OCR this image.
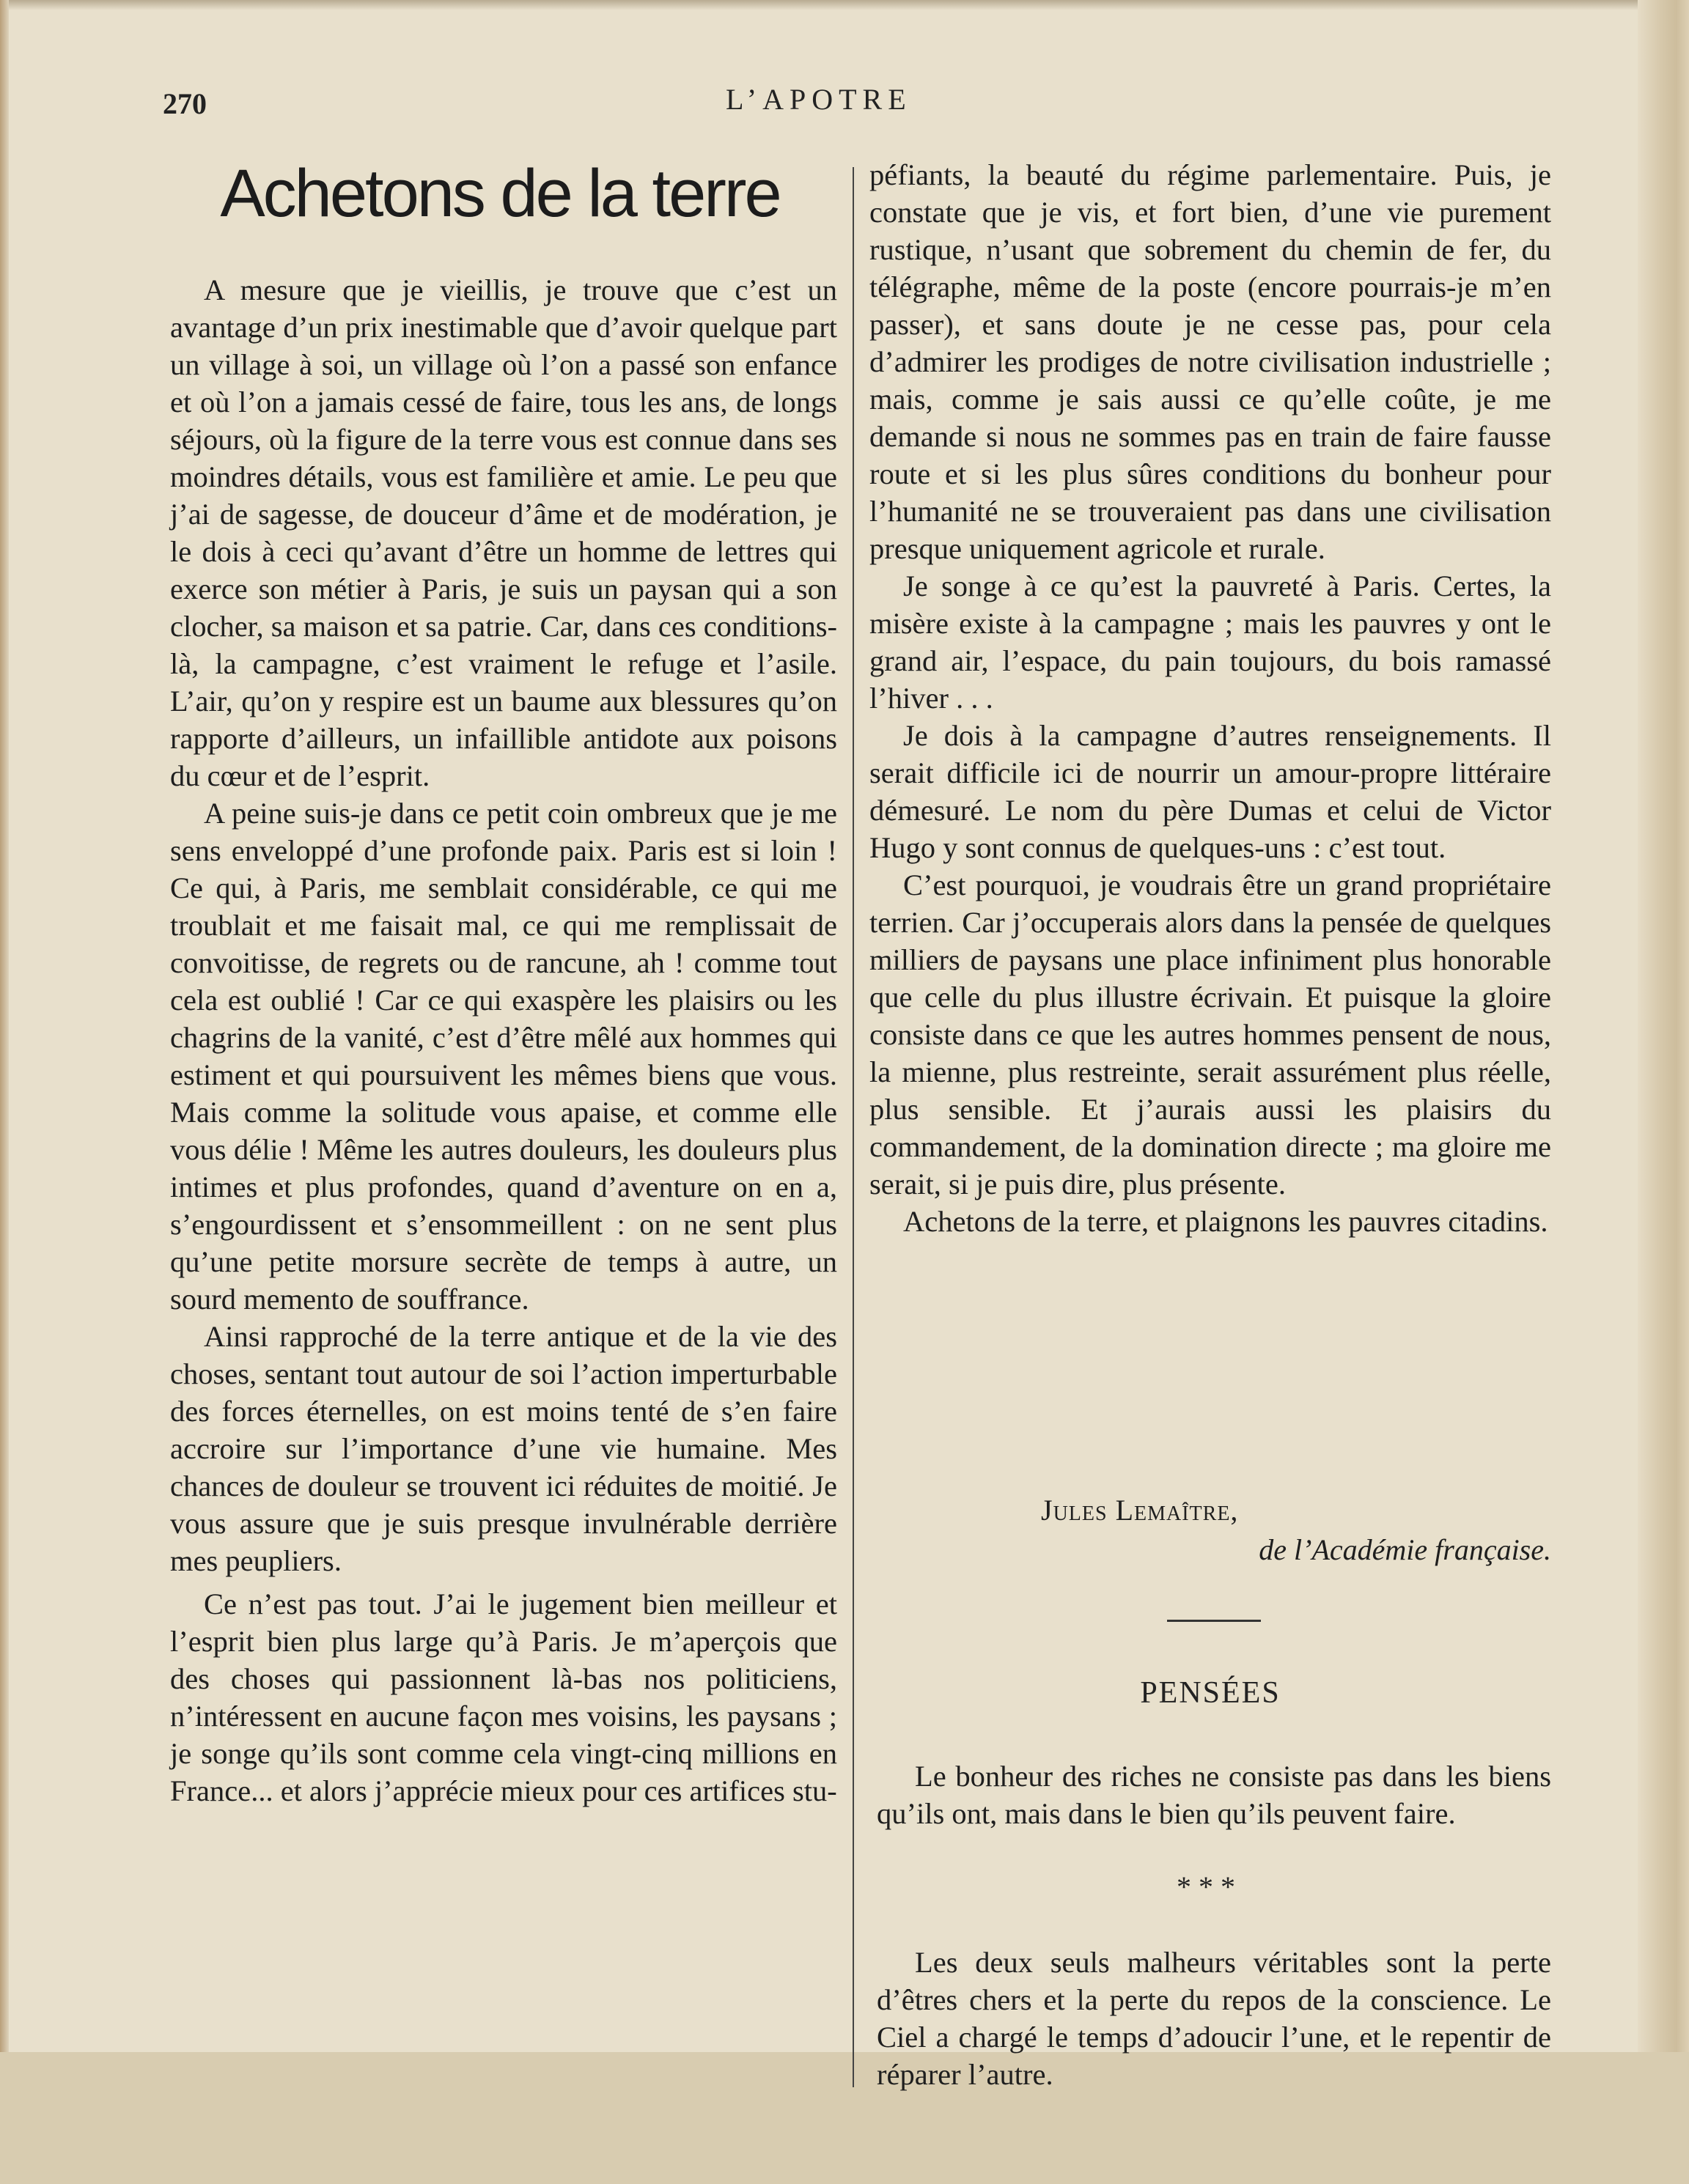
270	L’APOTRE
Achetons de la terre

A mesure que je vieillis, je trouve que c’est un avantage d’un prix inestimable que d’avoir quelque part un village à soi, un village où l’on a passé son enfance et où l’on a jamais cessé de faire, tous les ans, de longs séjours, où la figure de la terre vous est connue dans ses moindres détails, vous est familière et amie. Le peu que j’ai de sagesse, de douceur d’âme et de modération, je le dois à ceci qu’avant d’être un homme de lettres qui exerce son métier à Paris, je suis un paysan qui a son clocher, sa maison et sa patrie. Car, dans ces conditions-là, la campagne, c’est vraiment le refuge et l’asile. L’air, qu’on y respire est un baume aux blessures qu’on rapporte d’ailleurs, un infaillible antidote aux poisons du cœur et de l’esprit.

A peine suis-je dans ce petit coin ombreux que je me sens enveloppé d’une profonde paix. Paris est si loin ! Ce qui, à Paris, me semblait considérable, ce qui me troublait et me faisait mal, ce qui me remplissait de convoitisse, de regrets ou de rancune, ah ! comme tout cela est oublié ! Car ce qui exaspère les plaisirs ou les chagrins de la vanité, c’est d’être mêlé aux hommes qui estiment et qui poursuivent les mêmes biens que vous. Mais comme la solitude vous apaise, et comme elle vous délie ! Même les autres douleurs, les douleurs plus intimes et plus profondes, quand d’aventure on en a, s’engourdissent et s’ensommeillent : on ne sent plus qu’une petite morsure secrète de temps à autre, un sourd memento de souffrance.

Ainsi rapproché de la terre antique et de la vie des choses, sentant tout autour de soi l’action imperturbable des forces éternelles, on est moins tenté de s’en faire accroire sur l’importance d’une vie humaine. Mes chances de douleur se trouvent ici réduites de moitié. Je vous assure que je suis presque invulnérable derrière mes peupliers.

Ce n’est pas tout. J’ai le jugement bien meilleur et l’esprit bien plus large qu’à Paris. Je m’aperçois que des choses qui passionnent là-bas nos politiciens, n’intéressent en aucune façon mes voisins, les paysans ; je songe qu’ils sont comme cela vingt-cinq millions en France... et alors j’apprécie mieux pour ces artifices stu-

péfiants, la beauté du régime parlementaire. Puis, je constate que je vis, et fort bien, d’une vie purement rustique, n’usant que sobrement du chemin de fer, du télégraphe, même de la poste (encore pourrais-je m’en passer), et sans doute je ne cesse pas, pour cela d’admirer les prodiges de notre civilisation industrielle ; mais, comme je sais aussi ce qu’elle coûte, je me demande si nous ne sommes pas en train de faire fausse route et si les plus sûres conditions du bonheur pour l’humanité ne se trouveraient pas dans une civilisation presque uniquement agricole et rurale.

Je songe à ce qu’est la pauvreté à Paris. Certes, la misère existe à la campagne ; mais les pauvres y ont le grand air, l’espace, du pain toujours, du bois ramassé l’hiver . . .

Je dois à la campagne d’autres renseignements. Il serait difficile ici de nourrir un amour-propre littéraire démesuré. Le nom du père Dumas et celui de Victor Hugo y sont connus de quelques-uns : c’est tout.

C’est pourquoi, je voudrais être un grand propriétaire terrien. Car j’occuperais alors dans la pensée de quelques milliers de paysans une place infiniment plus honorable que celle du plus illustre écrivain. Et puisque la gloire consiste dans ce que les autres hommes pensent de nous, la mienne, plus restreinte, serait assurément plus réelle, plus sensible. Et j’aurais aussi les plaisirs du commandement, de la domination directe ; ma gloire me serait, si je puis dire, plus présente.

Achetons de la terre, et plaignons les pauvres citadins.

Jules Lemaître,
de l’Académie française.
PENSÉES

Le bonheur des riches ne consiste pas dans les biens qu’ils ont, mais dans le bien qu’ils peuvent faire.

* * *

Les deux seuls malheurs véritables sont la perte d’êtres chers et la perte du repos de la conscience. Le Ciel a chargé le temps d’adoucir l’une, et le repentir de réparer l’autre.
